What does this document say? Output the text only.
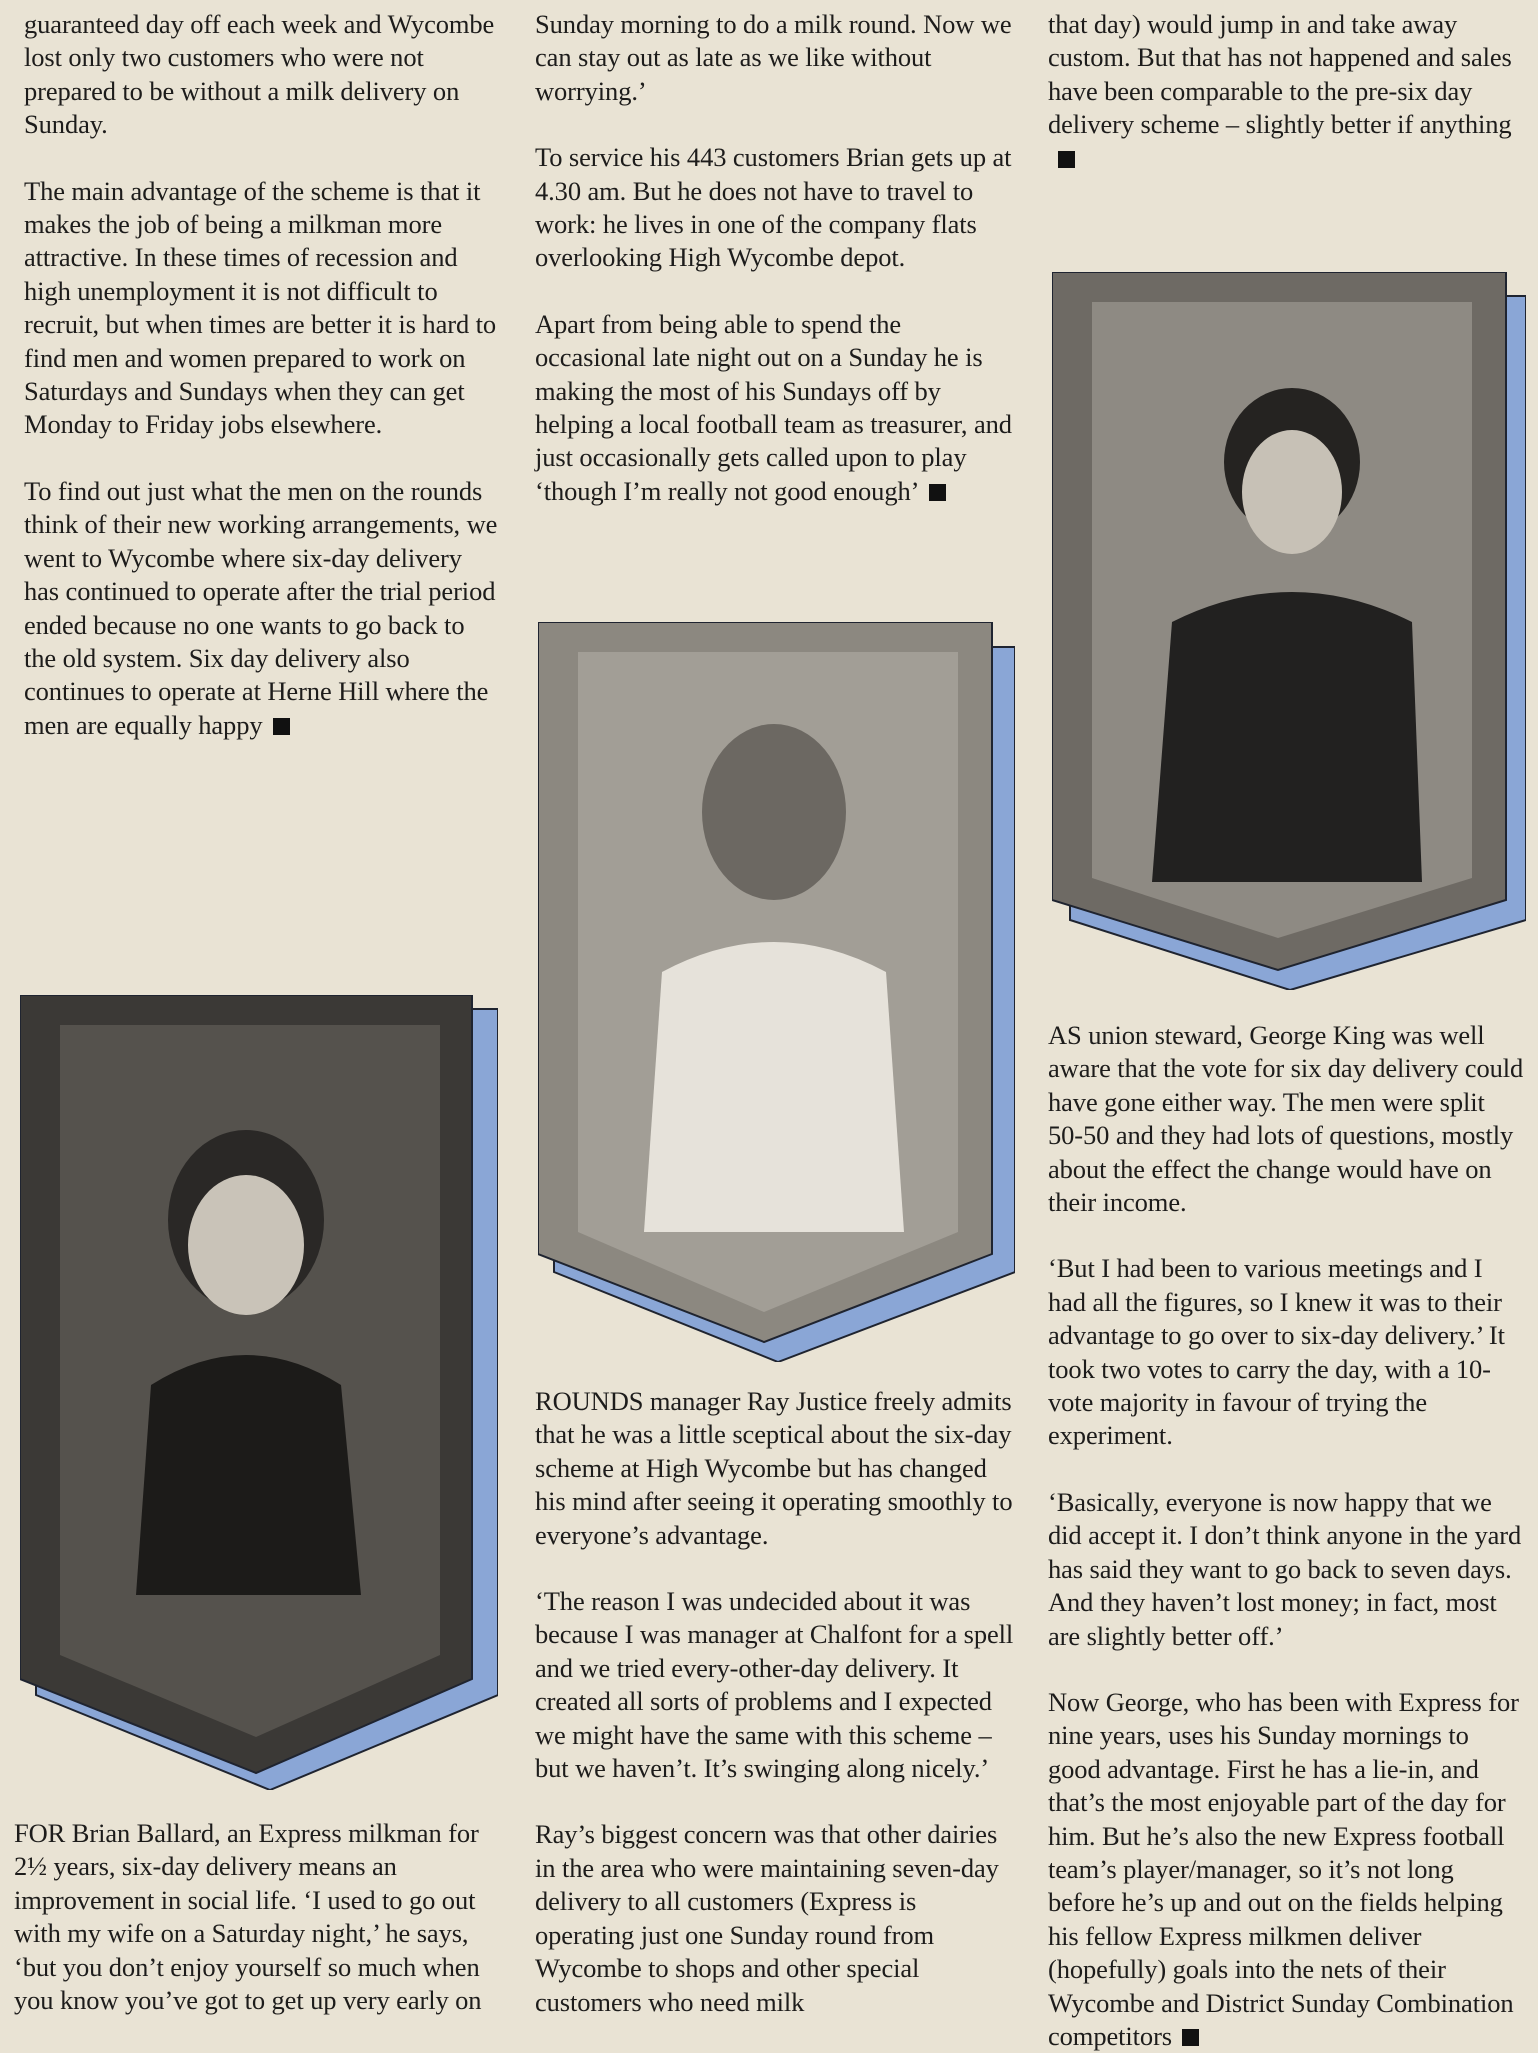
guaranteed day off each week and Wycombe lost only two customers who were not prepared to be without a milk delivery on Sunday.

The main advantage of the scheme is that it makes the job of being a milkman more attractive. In these times of recession and high unemployment it is not difficult to recruit, but when times are better it is hard to find men and women prepared to work on Saturdays and Sundays when they can get Monday to Friday jobs elsewhere.

To find out just what the men on the rounds think of their new working arrangements, we went to Wycombe where six-day delivery has continued to operate after the trial period ended because no one wants to go back to the old system. Six day delivery also continues to operate at Herne Hill where the men are equally happy

Sunday morning to do a milk round. Now we can stay out as late as we like without worrying.’

To service his 443 customers Brian gets up at 4.30 am. But he does not have to travel to work: he lives in one of the company flats overlooking High Wycombe depot.

Apart from being able to spend the occasional late night out on a Sunday he is making the most of his Sundays off by helping a local football team as treasurer, and just occasionally gets called upon to play ‘though I’m really not good enough’

ROUNDS manager Ray Justice freely admits that he was a little sceptical about the six-day scheme at High Wycombe but has changed his mind after seeing it operating smoothly to everyone’s advantage.

‘The reason I was undecided about it was because I was manager at Chalfont for a spell and we tried every-other-day delivery. It created all sorts of problems and I expected we might have the same with this scheme – but we haven’t. It’s swinging along nicely.’

Ray’s biggest concern was that other dairies in the area who were maintaining seven-day delivery to all customers (Express is operating just one Sunday round from Wycombe to shops and other special customers who need milk

that day) would jump in and take away custom. But that has not happened and sales have been comparable to the pre-six day delivery scheme – slightly better if anything

AS union steward, George King was well aware that the vote for six day delivery could have gone either way. The men were split 50-50 and they had lots of questions, mostly about the effect the change would have on their income.

‘But I had been to various meetings and I had all the figures, so I knew it was to their advantage to go over to six-day delivery.’ It took two votes to carry the day, with a 10-vote majority in favour of trying the experiment.

‘Basically, everyone is now happy that we did accept it. I don’t think anyone in the yard has said they want to go back to seven days. And they haven’t lost money; in fact, most are slightly better off.’

Now George, who has been with Express for nine years, uses his Sunday mornings to good advantage. First he has a lie-in, and that’s the most enjoyable part of the day for him. But he’s also the new Express football team’s player/manager, so it’s not long before he’s up and out on the fields helping his fellow Express milkmen deliver (hopefully) goals into the nets of their Wycombe and District Sunday Combination competitors

FOR Brian Ballard, an Express milkman for 2½ years, six-day delivery means an improvement in social life. ‘I used to go out with my wife on a Saturday night,’ he says, ‘but you don’t enjoy yourself so much when you know you’ve got to get up very early on
